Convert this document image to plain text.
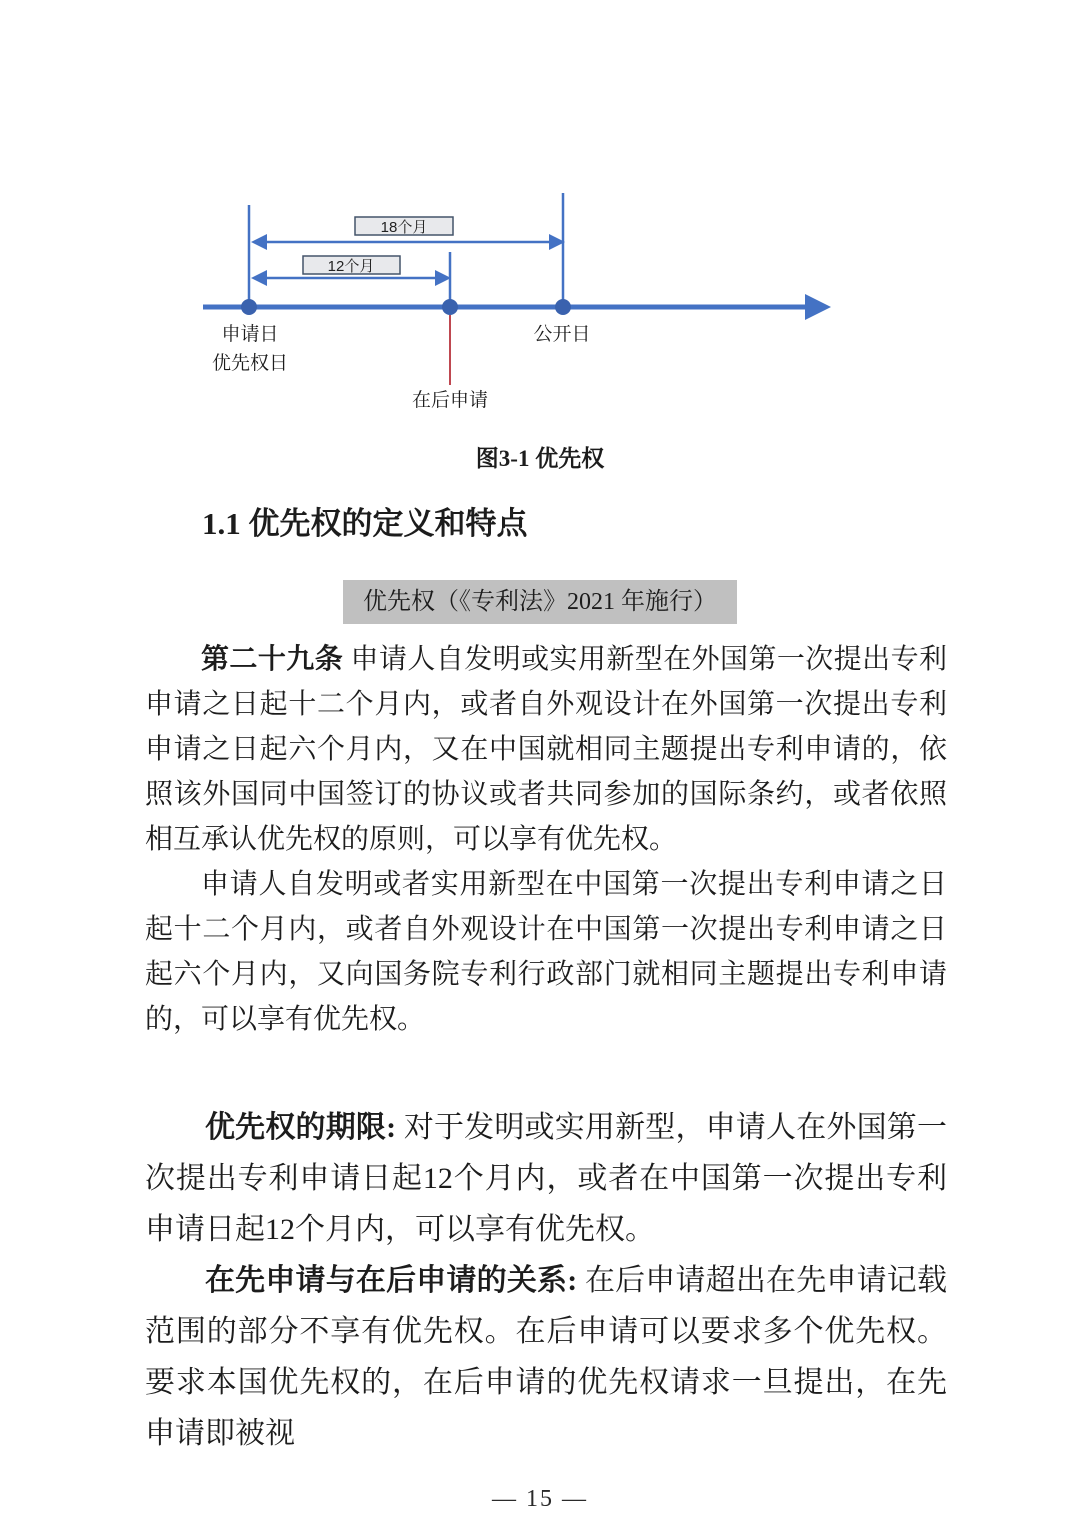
18个月
12个月
申请日	公开日
优先权日
在后申请
图3-1 优先权
1.1 优先权的定义和特点
优先权（《专利法》2021 年施行）

第二十九条 申请人自发明或实用新型在外国第一次提出专利申请之日起十二个月内，或者自外观设计在外国第一次提出专利申请之日起六个月内，又在中国就相同主题提出专利申请的，依照该外国同中国签订的协议或者共同参加的国际条约，或者依照相互承认优先权的原则，可以享有优先权。

申请人自发明或者实用新型在中国第一次提出专利申请之日起十二个月内，或者自外观设计在中国第一次提出专利申请之日起六个月内，又向国务院专利行政部门就相同主题提出专利申请的，可以享有优先权。

优先权的期限: 对于发明或实用新型，申请人在外国第一次提出专利申请日起12个月内，或者在中国第一次提出专利申请日起12个月内，可以享有优先权。

在先申请与在后申请的关系: 在后申请超出在先申请记载范围的部分不享有优先权。在后申请可以要求多个优先权。要求本国优先权的，在后申请的优先权请求一旦提出，在先申请即被视

— 15 —
